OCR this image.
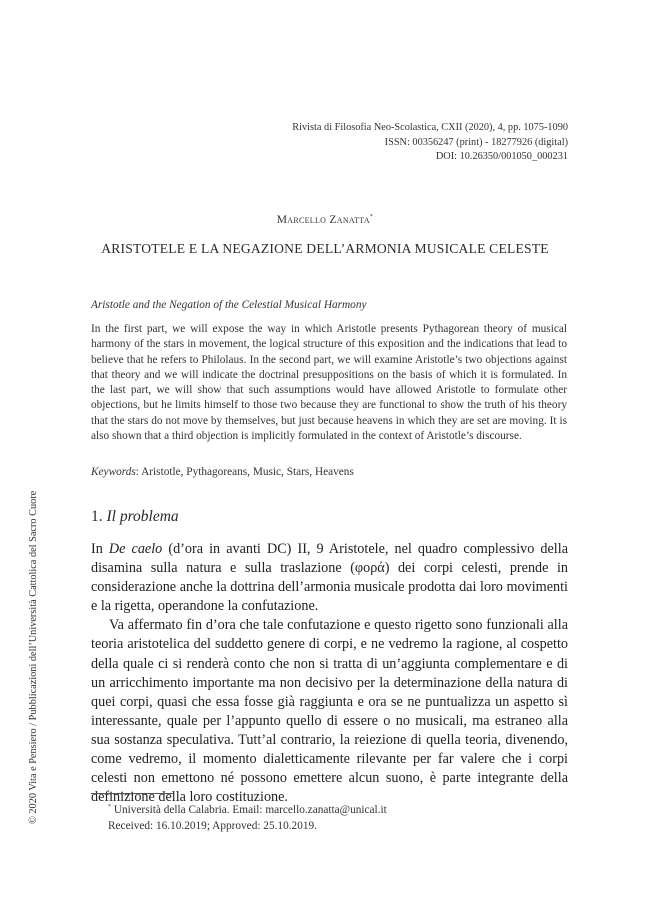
Rivista di Filosofia Neo-Scolastica, CXII (2020), 4, pp. 1075-1090
ISSN: 00356247 (print) - 18277926 (digital)
DOI: 10.26350/001050_000231
Marcello Zanatta*
ARISTOTELE E LA NEGAZIONE DELL’ARMONIA MUSICALE CELESTE
Aristotle and the Negation of the Celestial Musical Harmony
In the first part, we will expose the way in which Aristotle presents Pythagorean theory of musical harmony of the stars in movement, the logical structure of this exposition and the indications that lead to believe that he refers to Philolaus. In the second part, we will examine Aristotle’s two objections against that theory and we will indicate the doctrinal presuppositions on the basis of which it is formulated. In the last part, we will show that such assumptions would have allowed Aristotle to formulate other objections, but he limits himself to those two because they are functional to show the truth of his theory that the stars do not move by themselves, but just because heavens in which they are set are moving. It is also shown that a third objection is implicitly formulated in the context of Aristotle’s discourse.
Keywords: Aristotle, Pythagoreans, Music, Stars, Heavens
1. Il problema

In De caelo (d’ora in avanti DC) II, 9 Aristotele, nel quadro complessivo della disamina sulla natura e sulla traslazione (φορά) dei corpi celesti, prende in considerazione anche la dottrina dell’armonia musicale prodotta dai loro movimenti e la rigetta, operandone la confutazione.

Va affermato fin d’ora che tale confutazione e questo rigetto sono funzionali alla teoria aristotelica del suddetto genere di corpi, e ne vedremo la ragione, al cospetto della quale ci si renderà conto che non si tratta di un’aggiunta complementare e di un arricchimento importante ma non decisivo per la determinazione della natura di quei corpi, quasi che essa fosse già raggiunta e ora se ne puntualizza un aspetto sì interessante, quale per l’appunto quello di essere o no musicali, ma estraneo alla sua sostanza speculativa. Tutt’al contrario, la reiezione di quella teoria, divenendo, come vedremo, il momento dialetticamente rilevante per far valere che i corpi celesti non emettono né possono emettere alcun suono, è parte integrante della definizione della loro costituzione.

* Università della Calabria. Email: marcello.zanatta@unical.it
Received: 16.10.2019; Approved: 25.10.2019.
© 2020 Vita e Pensiero / Pubblicazioni dell’Università Cattolica del Sacro Cuore
